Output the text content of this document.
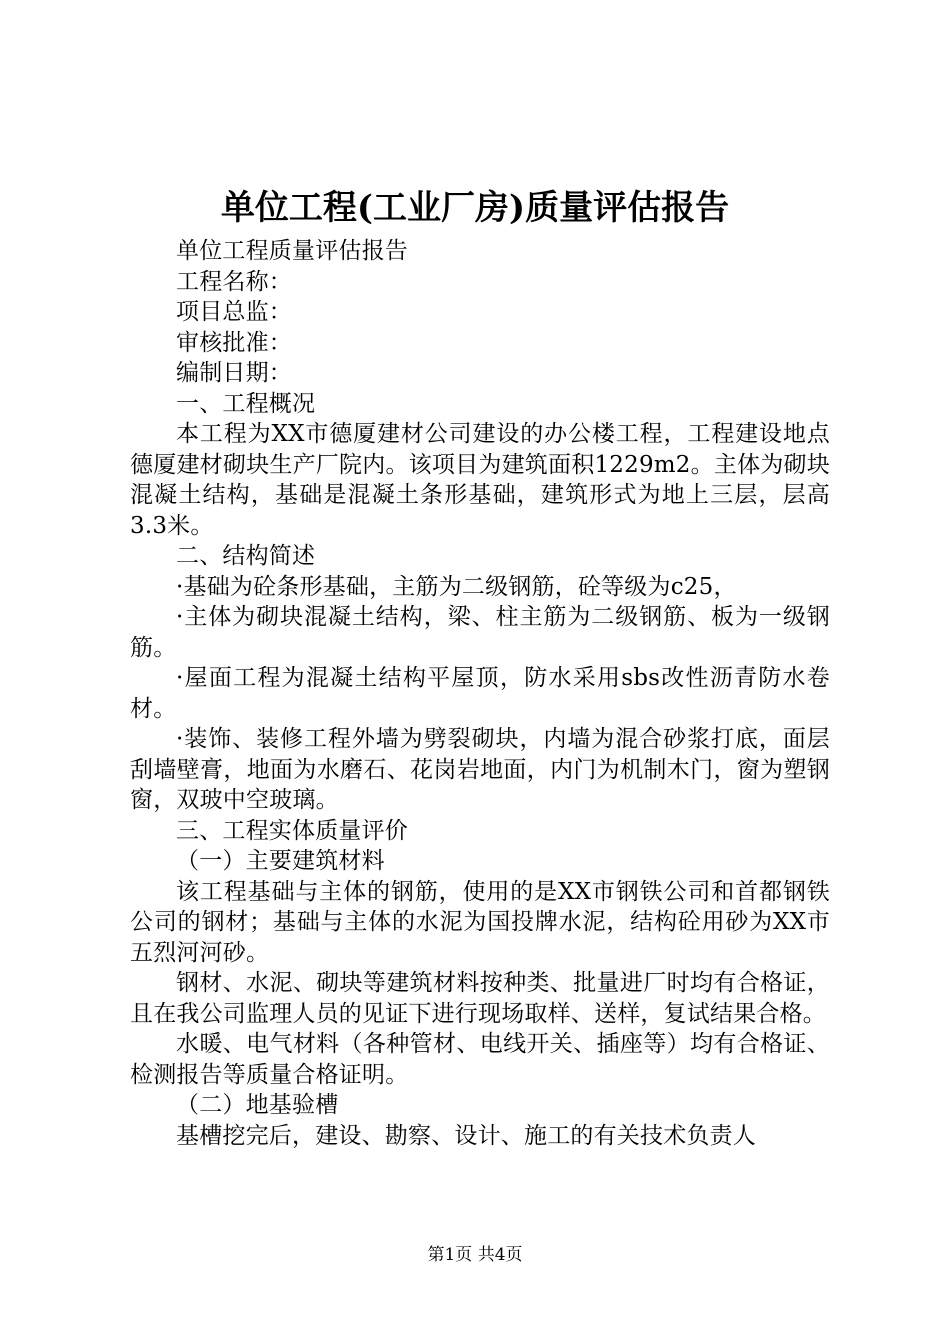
单位工程(工业厂房)质量评估报告

单位工程质量评估报告

工程名称：

项目总监：

审核批准：

编制日期：

一、工程概况

本工程为XX市德厦建材公司建设的办公楼工程，工程建设地点德厦建材砌块生产厂院内。该项目为建筑面积1229m2。主体为砌块混凝土结构，基础是混凝土条形基础，建筑形式为地上三层，层高3.3米。

二、结构简述

·基础为砼条形基础，主筋为二级钢筋，砼等级为c25，

·主体为砌块混凝土结构，梁、柱主筋为二级钢筋、板为一级钢筋。

·屋面工程为混凝土结构平屋顶，防水采用sbs改性沥青防水卷材。

·装饰、装修工程外墙为劈裂砌块，内墙为混合砂浆打底，面层刮墙壁膏，地面为水磨石、花岗岩地面，内门为机制木门，窗为塑钢窗，双玻中空玻璃。

三、工程实体质量评价

（一）主要建筑材料

该工程基础与主体的钢筋，使用的是XX市钢铁公司和首都钢铁公司的钢材；基础与主体的水泥为国投牌水泥，结构砼用砂为XX市五烈河河砂。

钢材、水泥、砌块等建筑材料按种类、批量进厂时均有合格证，且在我公司监理人员的见证下进行现场取样、送样，复试结果合格。

水暖、电气材料（各种管材、电线开关、插座等）均有合格证、检测报告等质量合格证明。

（二）地基验槽

基槽挖完后，建设、勘察、设计、施工的有关技术负责人

第1页 共4页
